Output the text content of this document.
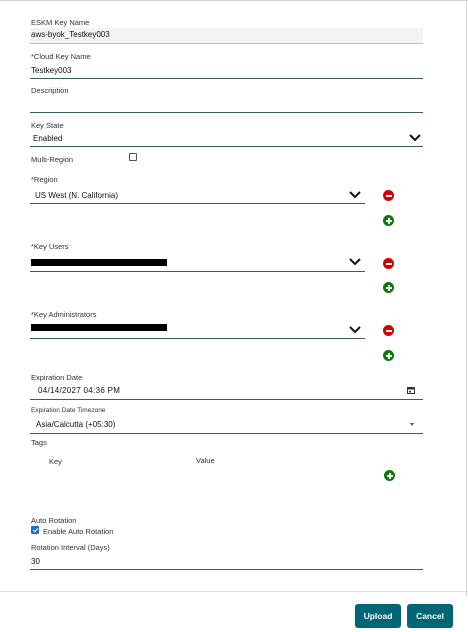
ESKM Key Name
aws-byok_Testkey003
*Cloud Key Name
Testkey003
Description
Key State
Enabled
Multi-Region
*Region
US West (N. California)
*Key Users
*Key Administrators
Expiration Date
04/14/2027 04:36 PM
Expiration Date Timezone
Asia/Calcutta (+05:30)
Tags
Key	Value
Auto Rotation
Enable Auto Rotation
Rotation Interval (Days)
30
Upload	Cancel
